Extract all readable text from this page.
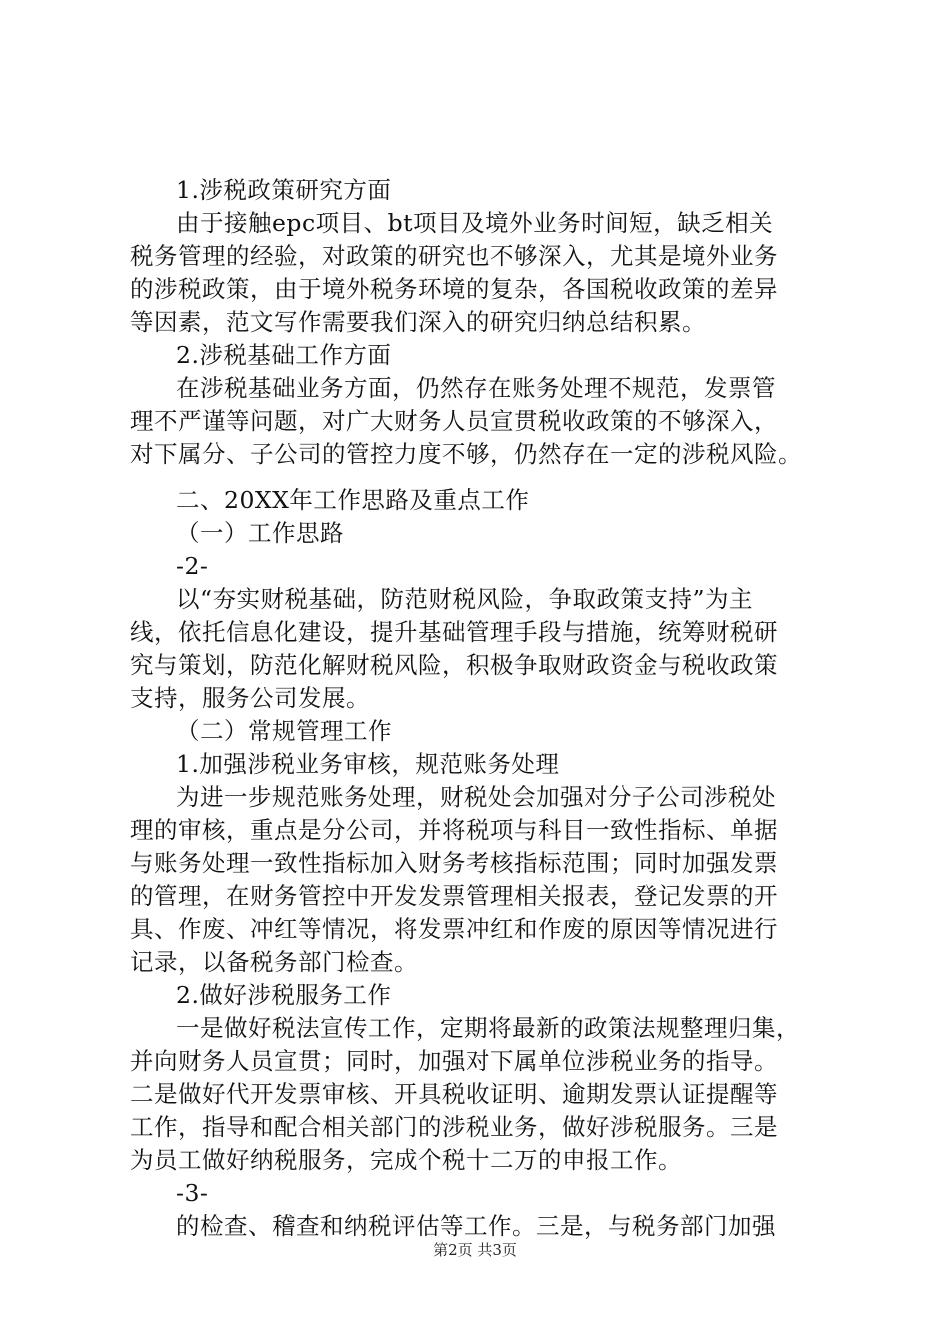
1.涉税政策研究方面
由于接触epc项目、bt项目及境外业务时间短，缺乏相关
税务管理的经验，对政策的研究也不够深入，尤其是境外业务
的涉税政策，由于境外税务环境的复杂，各国税收政策的差异
等因素，范文写作需要我们深入的研究归纳总结积累。
2.涉税基础工作方面
在涉税基础业务方面，仍然存在账务处理不规范，发票管
理不严谨等问题，对广大财务人员宣贯税收政策的不够深入，
对下属分、子公司的管控力度不够，仍然存在一定的涉税风险。
二、20XX年工作思路及重点工作
（一）工作思路
-2-
以“夯实财税基础，防范财税风险，争取政策支持”为主
线，依托信息化建设，提升基础管理手段与措施，统筹财税研
究与策划，防范化解财税风险，积极争取财政资金与税收政策
支持，服务公司发展。
（二）常规管理工作
1.加强涉税业务审核，规范账务处理
为进一步规范账务处理，财税处会加强对分子公司涉税处
理的审核，重点是分公司，并将税项与科目一致性指标、单据
与账务处理一致性指标加入财务考核指标范围；同时加强发票
的管理，在财务管控中开发发票管理相关报表，登记发票的开
具、作废、冲红等情况，将发票冲红和作废的原因等情况进行
记录，以备税务部门检查。
2.做好涉税服务工作
一是做好税法宣传工作，定期将最新的政策法规整理归集，
并向财务人员宣贯；同时，加强对下属单位涉税业务的指导。
二是做好代开发票审核、开具税收证明、逾期发票认证提醒等
工作，指导和配合相关部门的涉税业务，做好涉税服务。三是
为员工做好纳税服务，完成个税十二万的申报工作。
-3-
的检查、稽查和纳税评估等工作。三是，与税务部门加强
第2页 共3页
